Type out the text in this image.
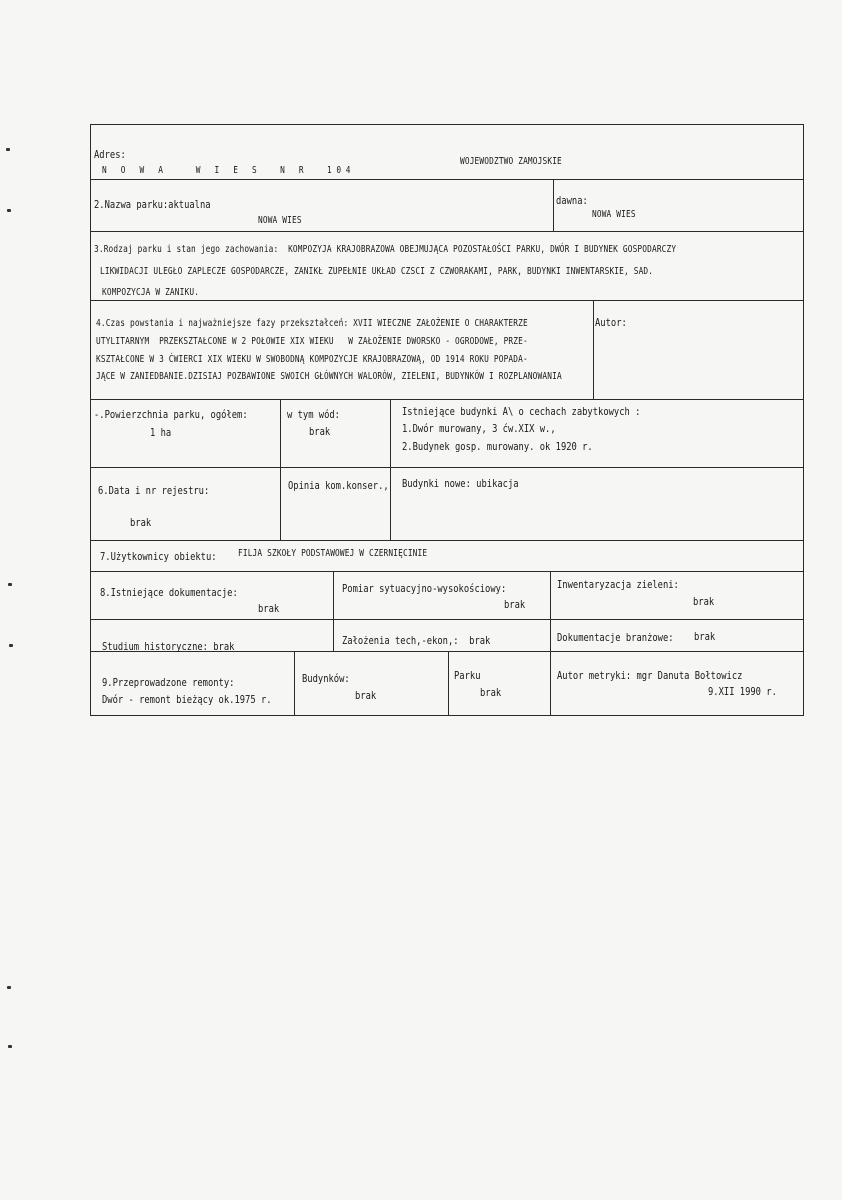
Adres:
N O W A   W I E S  N R  104
WOJEWODZTWO ZAMOJSKIE
2.Nazwa parku:aktualna
NOWA WIES
dawna:
NOWA WIES
3.Rodzaj parku i stan jego zachowania:  KOMPOZYJA KRAJOBRAZOWA OBEJMUJĄCA POZOSTAŁOŚCI PARKU, DWÓR I BUDYNEK GOSPODARCZY
LIKWIDACJI ULEGŁO ZAPLECZE GOSPODARCZE, ZANIKŁ ZUPEŁNIE UKŁAD CZSCI Z CZWORAKAMI, PARK, BUDYNKI INWENTARSKIE, SAD.
KOMPOZYCJA W ZANIKU.
4.Czas powstania i najważniejsze fazy przekształceń: XVII WIECZNE ZAŁOŻENIE O CHARAKTERZE
UTYLITARNYM  PRZEKSZTAŁCONE W 2 POŁOWIE XIX WIEKU   W ZAŁOŻENIE DWORSKO - OGRODOWE, PRZE-
KSZTAŁCONE W 3 ĆWIERCI XIX WIEKU W SWOBODNĄ KOMPOZYCJE KRAJOBRAZOWĄ, OD 1914 ROKU POPADA-
JĄCE W ZANIEDBANIE.DZISIAJ POZBAWIONE SWOICH GŁÓWNYCH WALORÓW, ZIELENI, BUDYNKÓW I ROZPLANOWANIA
Autor:
-.Powierzchnia parku, ogółem:
1 ha
w tym wód:
brak
Istniejące budynki A\ o cechach zabytkowych :
1.Dwór murowany, 3 ćw.XIX w.,
2.Budynek gosp. murowany. ok 1920 r.
6.Data i nr rejestru:
brak
Opinia kom.konser., Budynki nowe: ubikacja
7.Użytkownicy obiektu: FILJA SZKOŁY PODSTAWOWEJ W CZERNIĘCINIE
8.Istniejące dokumentacje:
brak
Pomiar sytuacyjno-wysokościowy:
brak
Inwentaryzacja zieleni:
brak
Studium historyczne: brak	Założenia tech,-ekon,:  brak	Dokumentacje branżowe: brak
9.Przeprowadzone remonty:
Dwór - remont bieżący ok.1975 r.
Budynków:
brak
Parku
brak
Autor metryki: mgr Danuta Bołtowicz
9.XII 1990 r.
